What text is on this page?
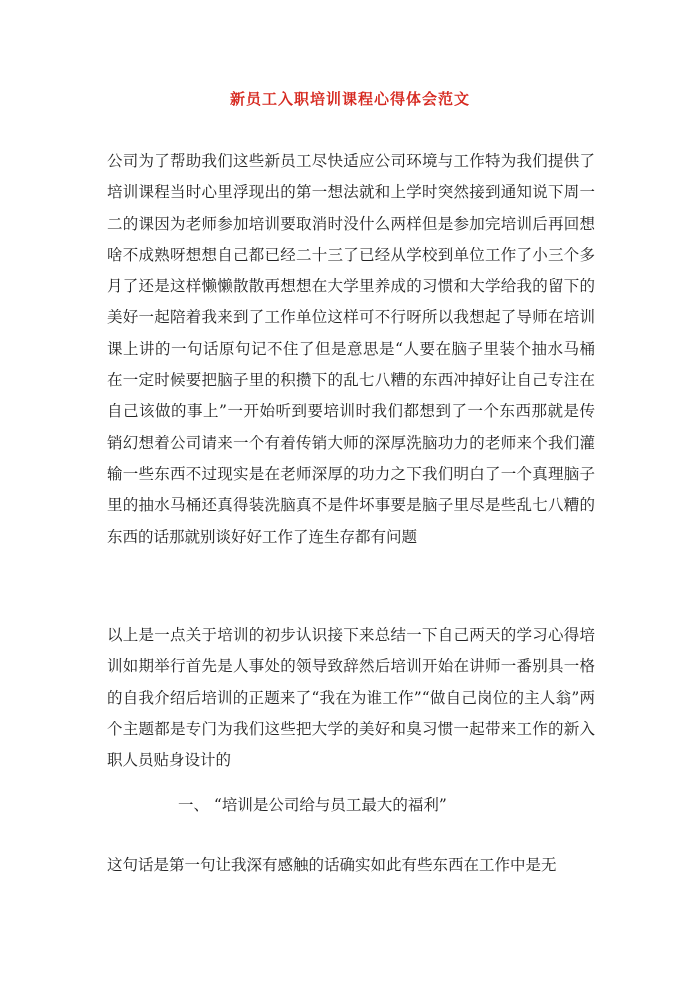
新员工入职培训课程心得体会范文

公司为了帮助我们这些新员工尽快适应公司环境与工作特为我们提供了培训课程当时心里浮现出的第一想法就和上学时突然接到通知说下周一二的课因为老师参加培训要取消时没什么两样但是参加完培训后再回想啥不成熟呀想想自己都已经二十三了已经从学校到单位工作了小三个多月了还是这样懒懒散散再想想在大学里养成的习惯和大学给我的留下的美好一起陪着我来到了工作单位这样可不行呀所以我想起了导师在培训课上讲的一句话原句记不住了但是意思是“人要在脑子里装个抽水马桶在一定时候要把脑子里的积攒下的乱七八糟的东西冲掉好让自己专注在自己该做的事上”一开始听到要培训时我们都想到了一个东西那就是传销幻想着公司请来一个有着传销大师的深厚洗脑功力的老师来个我们灌输一些东西不过现实是在老师深厚的功力之下我们明白了一个真理脑子里的抽水马桶还真得装洗脑真不是件坏事要是脑子里尽是些乱七八糟的东西的话那就别谈好好工作了连生存都有问题

以上是一点关于培训的初步认识接下来总结一下自己两天的学习心得培训如期举行首先是人事处的领导致辞然后培训开始在讲师一番别具一格的自我介绍后培训的正题来了“我在为谁工作”“做自己岗位的主人翁”两个主题都是专门为我们这些把大学的美好和臭习惯一起带来工作的新入职人员贴身设计的

一、 “培训是公司给与员工最大的福利”

这句话是第一句让我深有感触的话确实如此有些东西在工作中是无
